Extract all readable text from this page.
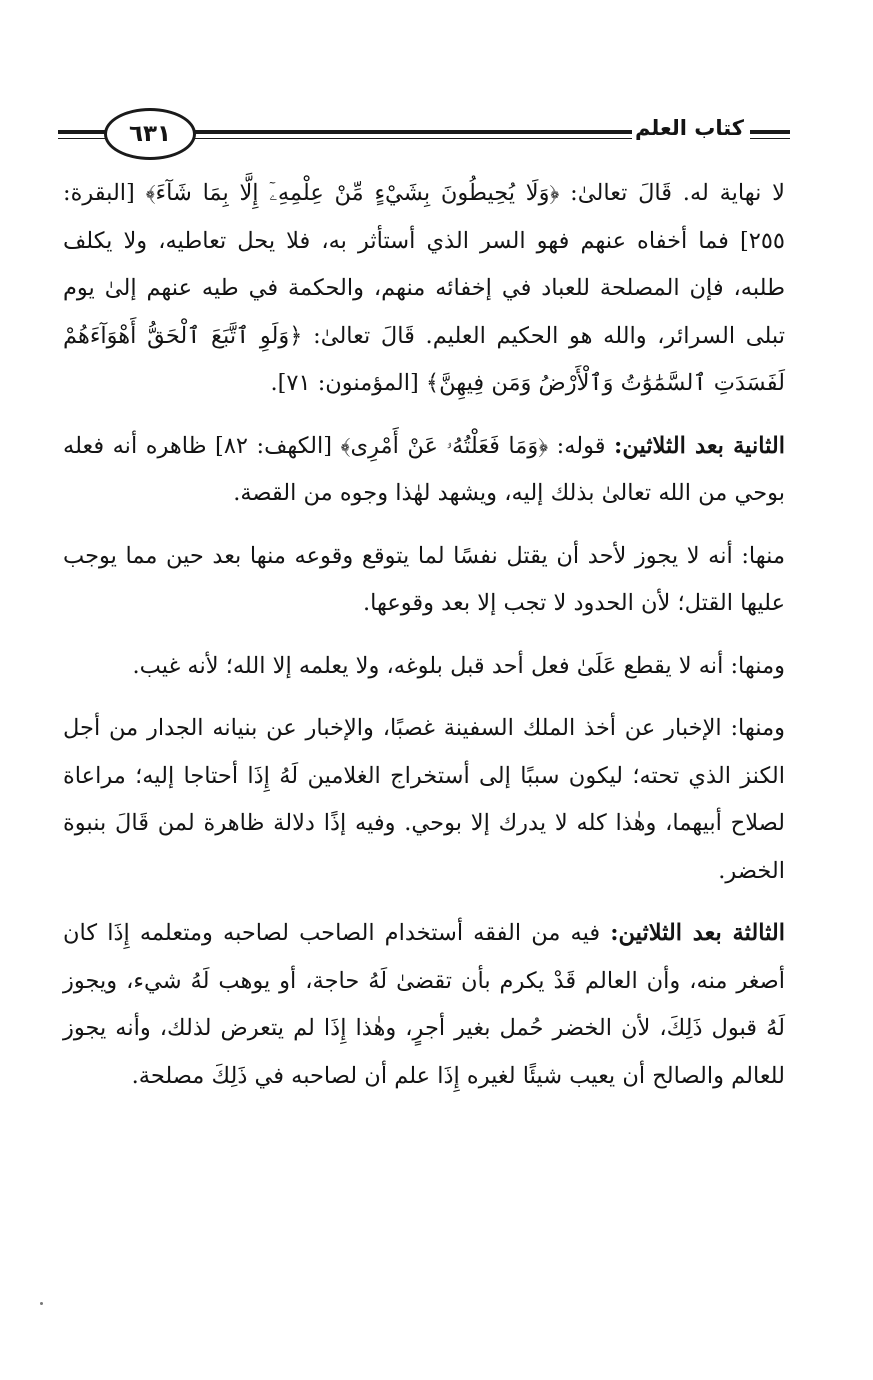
كتاب العلم
٦٣١

لا نهاية له. قَالَ تعالىٰ: ﴿وَلَا يُحِيطُونَ بِشَيْءٍ مِّنْ عِلْمِهِۦٓ إِلَّا بِمَا شَآءَ﴾ [البقرة: ٢٥٥] فما أخفاه عنهم فهو السر الذي أستأثر به، فلا يحل تعاطيه، ولا يكلف طلبه، فإن المصلحة للعباد في إخفائه منهم، والحكمة في طيه عنهم إلىٰ يوم تبلى السرائر، والله هو الحكيم العليم. قَالَ تعالىٰ: ﴿وَلَوِ ٱتَّبَعَ ٱلْحَقُّ أَهْوَآءَهُمْ لَفَسَدَتِ ٱلسَّمَٰوَٰتُ وَٱلْأَرْضُ وَمَن فِيهِنَّ﴾ [المؤمنون: ٧١].

الثانية بعد الثلاثين: قوله: ﴿وَمَا فَعَلْتُهُۥ عَنْ أَمْرِى﴾ [الكهف: ٨٢] ظاهره أنه فعله بوحي من الله تعالىٰ بذلك إليه، ويشهد لهٰذا وجوه من القصة.

منها: أنه لا يجوز لأحد أن يقتل نفسًا لما يتوقع وقوعه منها بعد حين مما يوجب عليها القتل؛ لأن الحدود لا تجب إلا بعد وقوعها.

ومنها: أنه لا يقطع عَلَىٰ فعل أحد قبل بلوغه، ولا يعلمه إلا الله؛ لأنه غيب.

ومنها: الإخبار عن أخذ الملك السفينة غصبًا، والإخبار عن بنيانه الجدار من أجل الكنز الذي تحته؛ ليكون سببًا إلى أستخراج الغلامين لَهُ إِذَا أحتاجا إليه؛ مراعاة لصلاح أبيهما، وهٰذا كله لا يدرك إلا بوحي. وفيه إذًا دلالة ظاهرة لمن قَالَ بنبوة الخضر.

الثالثة بعد الثلاثين: فيه من الفقه أستخدام الصاحب لصاحبه ومتعلمه إِذَا كان أصغر منه، وأن العالم قَدْ يكرم بأن تقضىٰ لَهُ حاجة، أو يوهب لَهُ شيء، ويجوز لَهُ قبول ذَلِكَ، لأن الخضر حُمل بغير أجرٍ، وهٰذا إِذَا لم يتعرض لذلك، وأنه يجوز للعالم والصالح أن يعيب شيئًا لغيره إِذَا علم أن لصاحبه في ذَلِكَ مصلحة.
